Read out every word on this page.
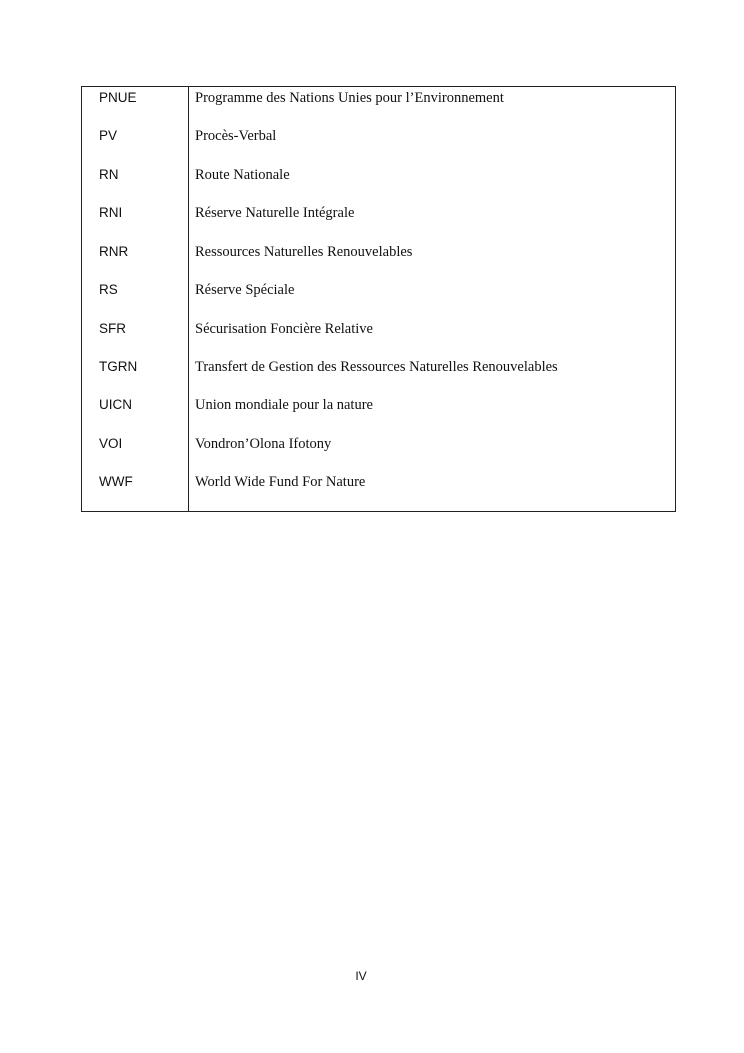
PNUE
PV
RN
RNI
RNR
RS
SFR
TGRN
UICN
VOI
WWF
Programme des Nations Unies pour l’Environnement
Procès-Verbal
Route Nationale
Réserve Naturelle Intégrale
Ressources Naturelles Renouvelables
Réserve Spéciale
Sécurisation Foncière Relative
Transfert de Gestion des Ressources Naturelles Renouvelables
Union mondiale pour la nature
Vondron’Olona Ifotony
World Wide Fund For Nature
IV
